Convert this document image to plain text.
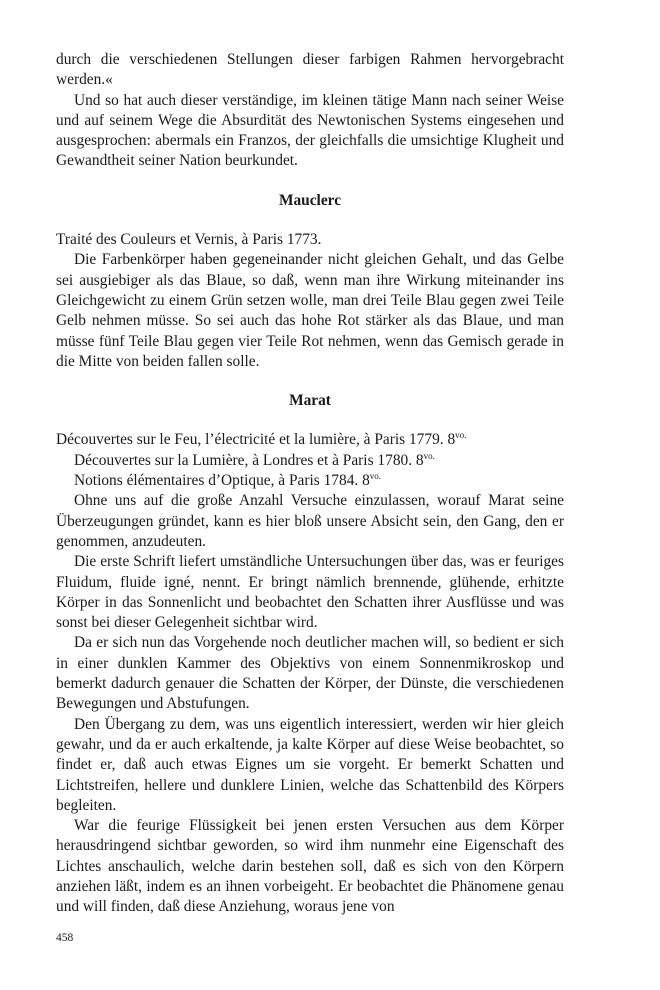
durch die verschiedenen Stellungen dieser farbigen Rahmen hervorgebracht werden.«

Und so hat auch dieser verständige, im kleinen tätige Mann nach seiner Weise und auf seinem Wege die Absurdität des Newtonischen Systems eingesehen und ausgesprochen: abermals ein Franzos, der gleichfalls die umsichtige Klugheit und Gewandtheit seiner Nation beurkundet.

Mauclerc

Traité des Couleurs et Vernis, à Paris 1773.

Die Farbenkörper haben gegeneinander nicht gleichen Gehalt, und das Gelbe sei ausgiebiger als das Blaue, so daß, wenn man ihre Wirkung miteinander ins Gleichgewicht zu einem Grün setzen wolle, man drei Teile Blau gegen zwei Teile Gelb nehmen müsse. So sei auch das hohe Rot stärker als das Blaue, und man müsse fünf Teile Blau gegen vier Teile Rot nehmen, wenn das Gemisch gerade in die Mitte von beiden fallen solle.

Marat

Découvertes sur le Feu, l’électricité et la lumière, à Paris 1779. $8^{vo.}$

Découvertes sur la Lumière, à Londres et à Paris 1780. $8^{vo.}$

Notions élémentaires d’Optique, à Paris 1784. $8^{vo.}$

Ohne uns auf die große Anzahl Versuche einzulassen, worauf Marat seine Überzeugungen gründet, kann es hier bloß unsere Absicht sein, den Gang, den er genommen, anzudeuten.

Die erste Schrift liefert umständliche Untersuchungen über das, was er feuriges Fluidum, fluide igné, nennt. Er bringt nämlich brennende, glühende, erhitzte Körper in das Sonnenlicht und beobachtet den Schatten ihrer Ausflüsse und was sonst bei dieser Gelegenheit sichtbar wird.

Da er sich nun das Vorgehende noch deutlicher machen will, so bedient er sich in einer dunklen Kammer des Objektivs von einem Sonnenmikroskop und bemerkt dadurch genauer die Schatten der Körper, der Dünste, die verschiedenen Bewegungen und Abstufungen.

Den Übergang zu dem, was uns eigentlich interessiert, werden wir hier gleich gewahr, und da er auch erkaltende, ja kalte Körper auf diese Weise beobachtet, so findet er, daß auch etwas Eignes um sie vorgeht. Er bemerkt Schatten und Lichtstreifen, hellere und dunklere Linien, welche das Schattenbild des Körpers begleiten.

War die feurige Flüssigkeit bei jenen ersten Versuchen aus dem Körper herausdringend sichtbar geworden, so wird ihm nunmehr eine Eigenschaft des Lichtes anschaulich, welche darin bestehen soll, daß es sich von den Körpern anziehen läßt, indem es an ihnen vorbeigeht. Er beobachtet die Phänomene genau und will finden, daß diese Anziehung, woraus jene von

458
